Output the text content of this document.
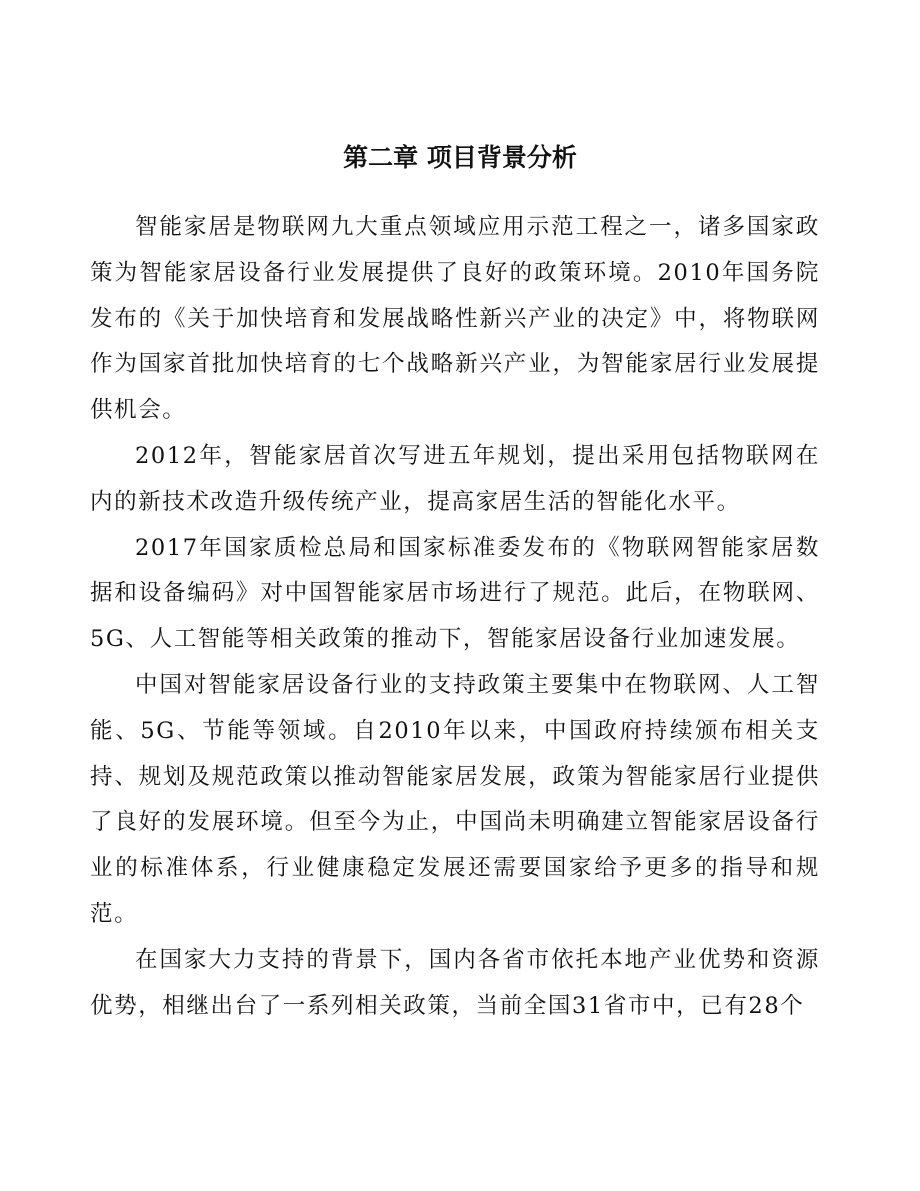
第二章 项目背景分析

智能家居是物联网九大重点领域应用示范工程之一，诸多国家政策为智能家居设备行业发展提供了良好的政策环境。2010年国务院发布的《关于加快培育和发展战略性新兴产业的决定》中，将物联网作为国家首批加快培育的七个战略新兴产业，为智能家居行业发展提供机会。

2012年，智能家居首次写进五年规划，提出采用包括物联网在内的新技术改造升级传统产业，提高家居生活的智能化水平。

2017年国家质检总局和国家标准委发布的《物联网智能家居数据和设备编码》对中国智能家居市场进行了规范。此后，在物联网、5G、人工智能等相关政策的推动下，智能家居设备行业加速发展。

中国对智能家居设备行业的支持政策主要集中在物联网、人工智能、5G、节能等领域。自2010年以来，中国政府持续颁布相关支持、规划及规范政策以推动智能家居发展，政策为智能家居行业提供了良好的发展环境。但至今为止，中国尚未明确建立智能家居设备行业的标准体系，行业健康稳定发展还需要国家给予更多的指导和规范。

在国家大力支持的背景下，国内各省市依托本地产业优势和资源优势，相继出台了一系列相关政策，当前全国31省市中，已有28个
